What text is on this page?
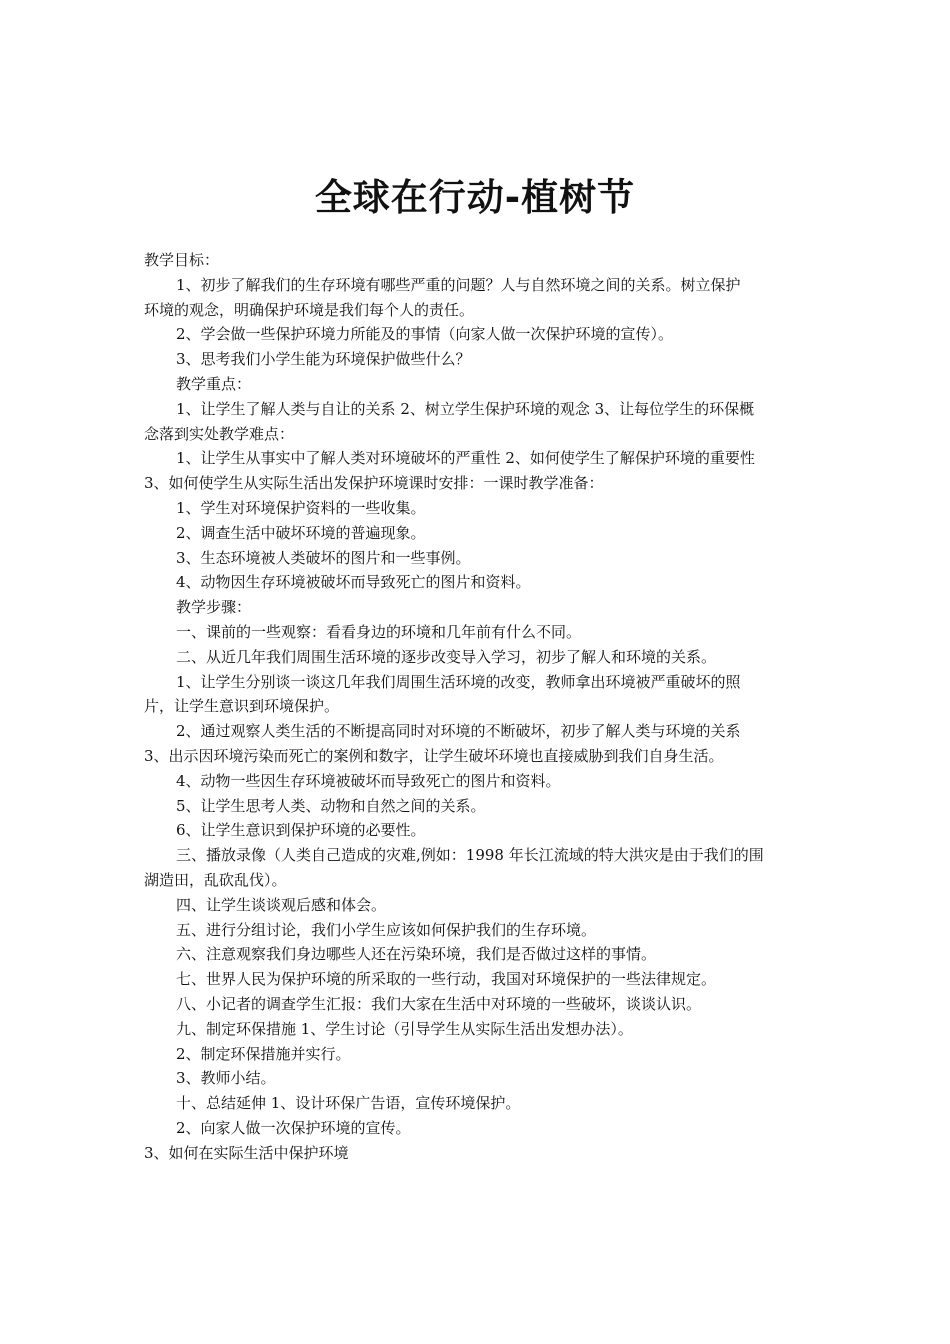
全球在行动-植树节

教学目标：

1、初步了解我们的生存环境有哪些严重的问题？人与自然环境之间的关系。树立保护

环境的观念，明确保护环境是我们每个人的责任。

2、学会做一些保护环境力所能及的事情（向家人做一次保护环境的宣传）。

3、思考我们小学生能为环境保护做些什么？

教学重点：

1、让学生了解人类与自让的关系 2、树立学生保护环境的观念 3、让每位学生的环保概

念落到实处教学难点：

1、让学生从事实中了解人类对环境破坏的严重性 2、如何使学生了解保护环境的重要性

3、如何使学生从实际生活出发保护环境课时安排：一课时教学准备：

1、学生对环境保护资料的一些收集。

2、调查生活中破坏环境的普遍现象。

3、生态环境被人类破坏的图片和一些事例。

4、动物因生存环境被破坏而导致死亡的图片和资料。

教学步骤：

一、课前的一些观察：看看身边的环境和几年前有什么不同。

二、从近几年我们周围生活环境的逐步改变导入学习，初步了解人和环境的关系。

1、让学生分别谈一谈这几年我们周围生活环境的改变，教师拿出环境被严重破坏的照

片，让学生意识到环境保护。

2、通过观察人类生活的不断提高同时对环境的不断破坏，初步了解人类与环境的关系

3、出示因环境污染而死亡的案例和数字，让学生破坏环境也直接威胁到我们自身生活。

4、动物一些因生存环境被破坏而导致死亡的图片和资料。

5、让学生思考人类、动物和自然之间的关系。

6、让学生意识到保护环境的必要性。

三、播放录像（人类自己造成的灾难,例如：1998 年长江流域的特大洪灾是由于我们的围

湖造田，乱砍乱伐）。

四、让学生谈谈观后感和体会。

五、进行分组讨论，我们小学生应该如何保护我们的生存环境。

六、注意观察我们身边哪些人还在污染环境，我们是否做过这样的事情。

七、世界人民为保护环境的所采取的一些行动，我国对环境保护的一些法律规定。

八、小记者的调查学生汇报：我们大家在生活中对环境的一些破坏，谈谈认识。

九、制定环保措施 1、学生讨论（引导学生从实际生活出发想办法）。

2、制定环保措施并实行。

3、教师小结。

十、总结延伸 1、设计环保广告语，宣传环境保护。

2、向家人做一次保护环境的宣传。

3、如何在实际生活中保护环境
